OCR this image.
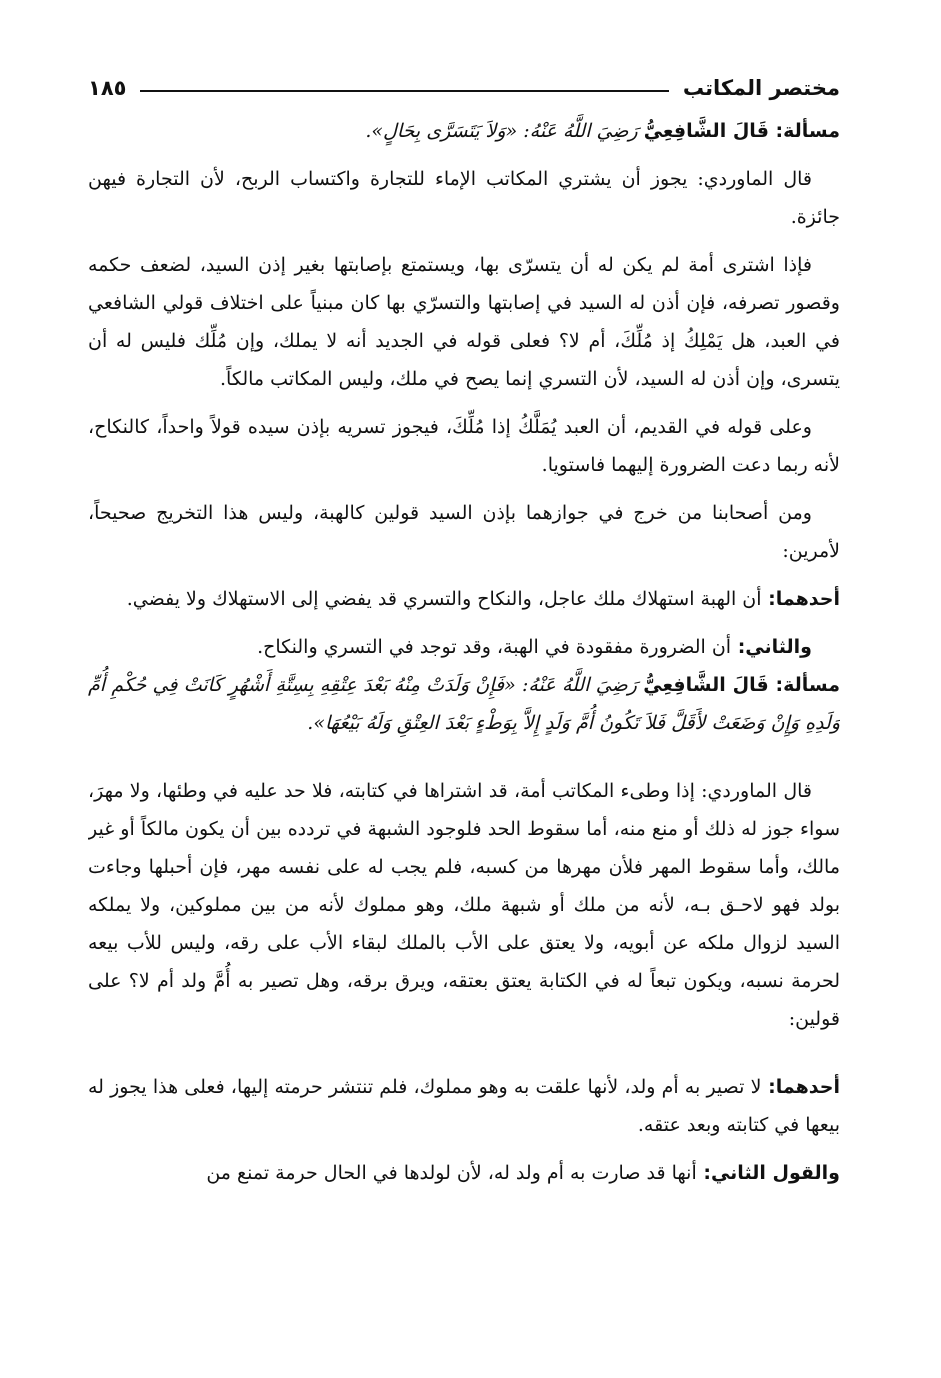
مختصر المكاتب
١٨٥

مسألة: قَالَ الشَّافِعِيُّ رَضِيَ اللَّهُ عَنْهُ: «وَلاَ يَتَسَرَّى بِحَالٍ».

قال الماوردي: يجوز أن يشتري المكاتب الإماء للتجارة واكتساب الربح، لأن التجارة فيهن جائزة.

فإذا اشترى أمة لم يكن له أن يتسرّى بها، ويستمتع بإصابتها بغير إذن السيد، لضعف حكمه وقصور تصرفه، فإن أذن له السيد في إصابتها والتسرّي بها كان مبنياً على اختلاف قولي الشافعي في العبد، هل يَمْلِكُ إذ مُلِّكَ، أم لا؟ فعلى قوله في الجديد أنه لا يملك، وإن مُلِّك فليس له أن يتسرى، وإن أذن له السيد، لأن التسري إنما يصح في ملك، وليس المكاتب مالكاً.

وعلى قوله في القديم، أن العبد يُمَلَّكُ إذا مُلِّكَ، فيجوز تسريه بإذن سيده قولاً واحداً، كالنكاح، لأنه ربما دعت الضرورة إليهما فاستويا.

ومن أصحابنا من خرج في جوازهما بإذن السيد قولين كالهبة، وليس هذا التخريج صحيحاً، لأمرين:

أحدهما: أن الهبة استهلاك ملك عاجل، والنكاح والتسري قد يفضي إلى الاستهلاك ولا يفضي.

والثاني: أن الضرورة مفقودة في الهبة، وقد توجد في التسري والنكاح.

مسألة: قَالَ الشَّافِعِيُّ رَضِيَ اللَّهُ عَنْهُ: «فَإِنْ وَلَدَتْ مِنْهُ بَعْدَ عِتْقِهِ بِسِتَّةِ أَشْهُرٍ كَانَتْ فِي حُكْمِ أُمِّ وَلَدِهِ وَإِنْ وَضَعَتْ لأَقَلَّ فَلاَ تَكُونُ أُمَّ وَلَدٍ إِلاَّ بِوَطْءٍ بَعْدَ العِتْقِ وَلَهُ بَيْعُهَا».

قال الماوردي: إذا وطىء المكاتب أمة، قد اشتراها في كتابته، فلا حد عليه في وطئها، ولا مهرَ، سواء جوز له ذلك أو منع منه، أما سقوط الحد فلوجود الشبهة في تردده بين أن يكون مالكاً أو غير مالك، وأما سقوط المهر فلأن مهرها من كسبه، فلم يجب له على نفسه مهر، فإن أحبلها وجاءت بولد فهو لاحـق بـه، لأنه من ملك أو شبهة ملك، وهو مملوك لأنه من بين مملوكين، ولا يملكه السيد لزوال ملكه عن أبويه، ولا يعتق على الأب بالملك لبقاء الأب على رقه، وليس للأب بيعه لحرمة نسبه، ويكون تبعاً له في الكتابة يعتق بعتقه، ويرق برقه، وهل تصير به أُمَّ ولد أم لا؟ على قولين:

أحدهما: لا تصير به أم ولد، لأنها علقت به وهو مملوك، فلم تنتشر حرمته إليها، فعلى هذا يجوز له بيعها في كتابته وبعد عتقه.

والقول الثاني: أنها قد صارت به أم ولد له، لأن لولدها في الحال حرمة تمنع من
